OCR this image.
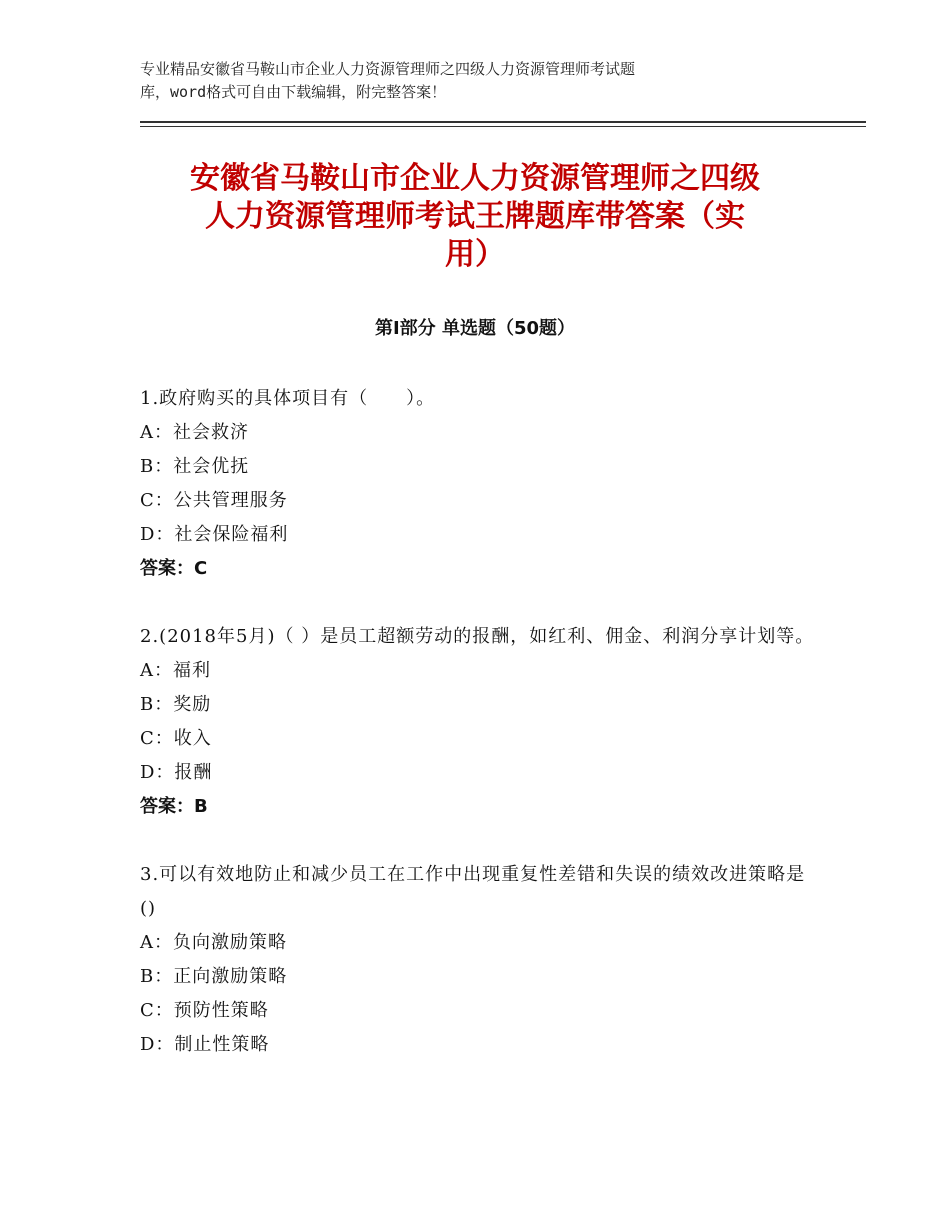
专业精品安徽省马鞍山市企业人力资源管理师之四级人力资源管理师考试题
库，word格式可自由下载编辑，附完整答案！
安徽省马鞍山市企业人力资源管理师之四级
人力资源管理师考试王牌题库带答案（实
用）
第Ⅰ部分 单选题（50题）
1.政府购买的具体项目有（　　）。
A：社会救济
B：社会优抚
C：公共管理服务
D：社会保险福利
答案：C
2.(2018年5月)（ ）是员工超额劳动的报酬，如红利、佣金、利润分享计划等。
A：福利
B：奖励
C：收入
D：报酬
答案：B
3.可以有效地防止和减少员工在工作中出现重复性差错和失误的绩效改进策略是()
A：负向激励策略
B：正向激励策略
C：预防性策略
D：制止性策略
